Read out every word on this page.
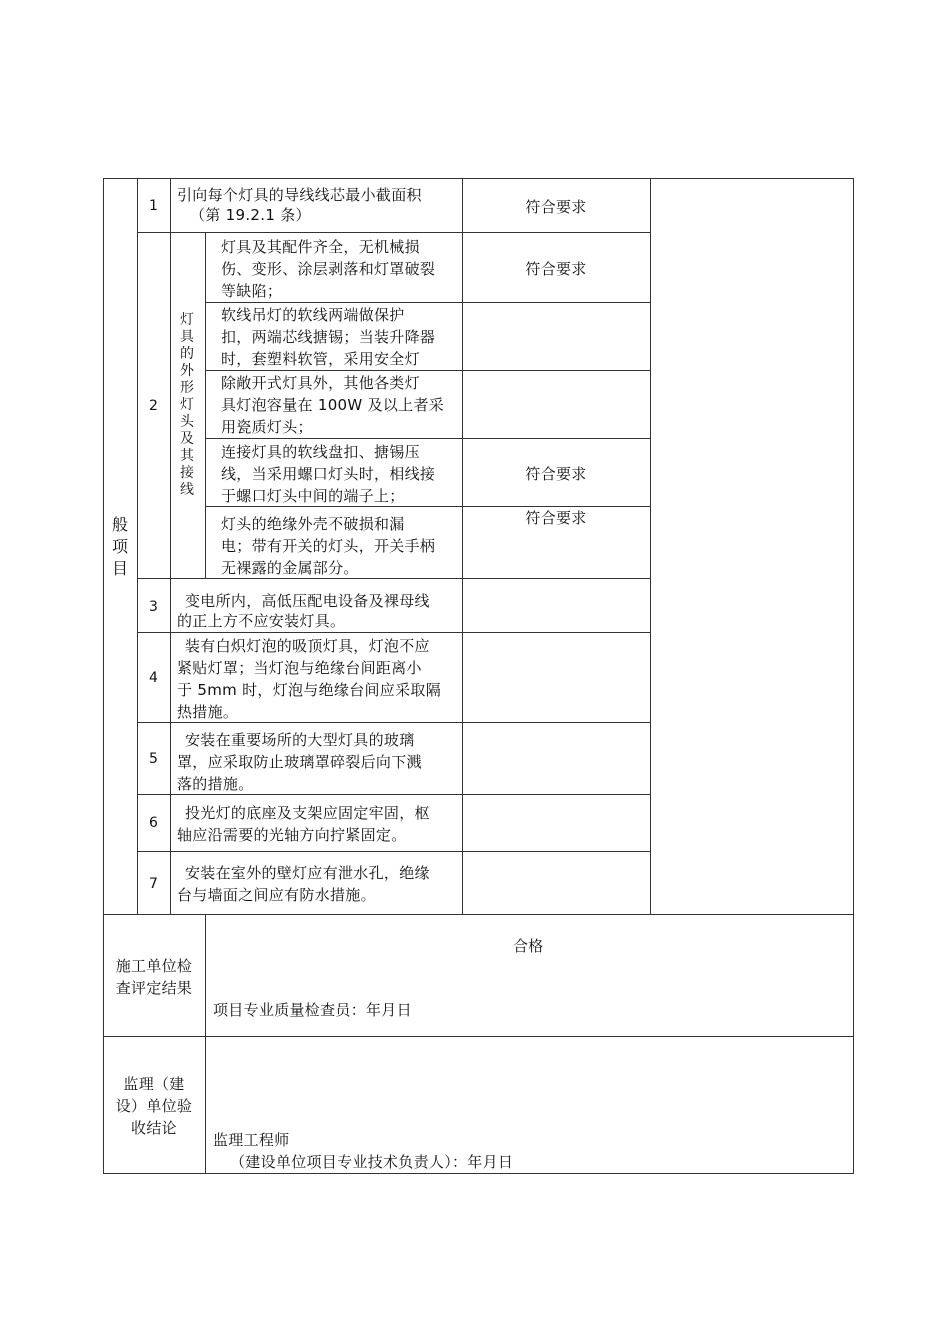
般项目
灯具的外形灯头及其接线
1
2
3
4
5
6
7
引向每个灯具的导线线芯最小截面积
（第 19.2.1 条）	符合要求
灯具及其配件齐全，无机械损
伤、变形、涂层剥落和灯罩破裂
等缺陷；
符合要求
软线吊灯的软线两端做保护
扣，两端芯线搪锡；当装升降器
时，套塑料软管，采用安全灯
除敞开式灯具外，其他各类灯
具灯泡容量在 100W 及以上者采
用瓷质灯头；
连接灯具的软线盘扣、搪锡压
线，当采用螺口灯头时，相线接
于螺口灯头中间的端子上；
符合要求
灯头的绝缘外壳不破损和漏
电；带有开关的灯头，开关手柄
无裸露的金属部分。
符合要求
变电所内，高低压配电设备及裸母线
的正上方不应安装灯具。
装有白炽灯泡的吸顶灯具，灯泡不应
紧贴灯罩；当灯泡与绝缘台间距离小
于 5mm 时，灯泡与绝缘台间应采取隔
热措施。
安装在重要场所的大型灯具的玻璃
罩，应采取防止玻璃罩碎裂后向下溅
落的措施。
投光灯的底座及支架应固定牢固，枢
轴应沿需要的光轴方向拧紧固定。
安装在室外的壁灯应有泄水孔，绝缘
台与墙面之间应有防水措施。
施工单位检
查评定结果
合格
项目专业质量检查员：年月日
监理（建
设）单位验
收结论
监理工程师
（建设单位项目专业技术负责人）：年月日
